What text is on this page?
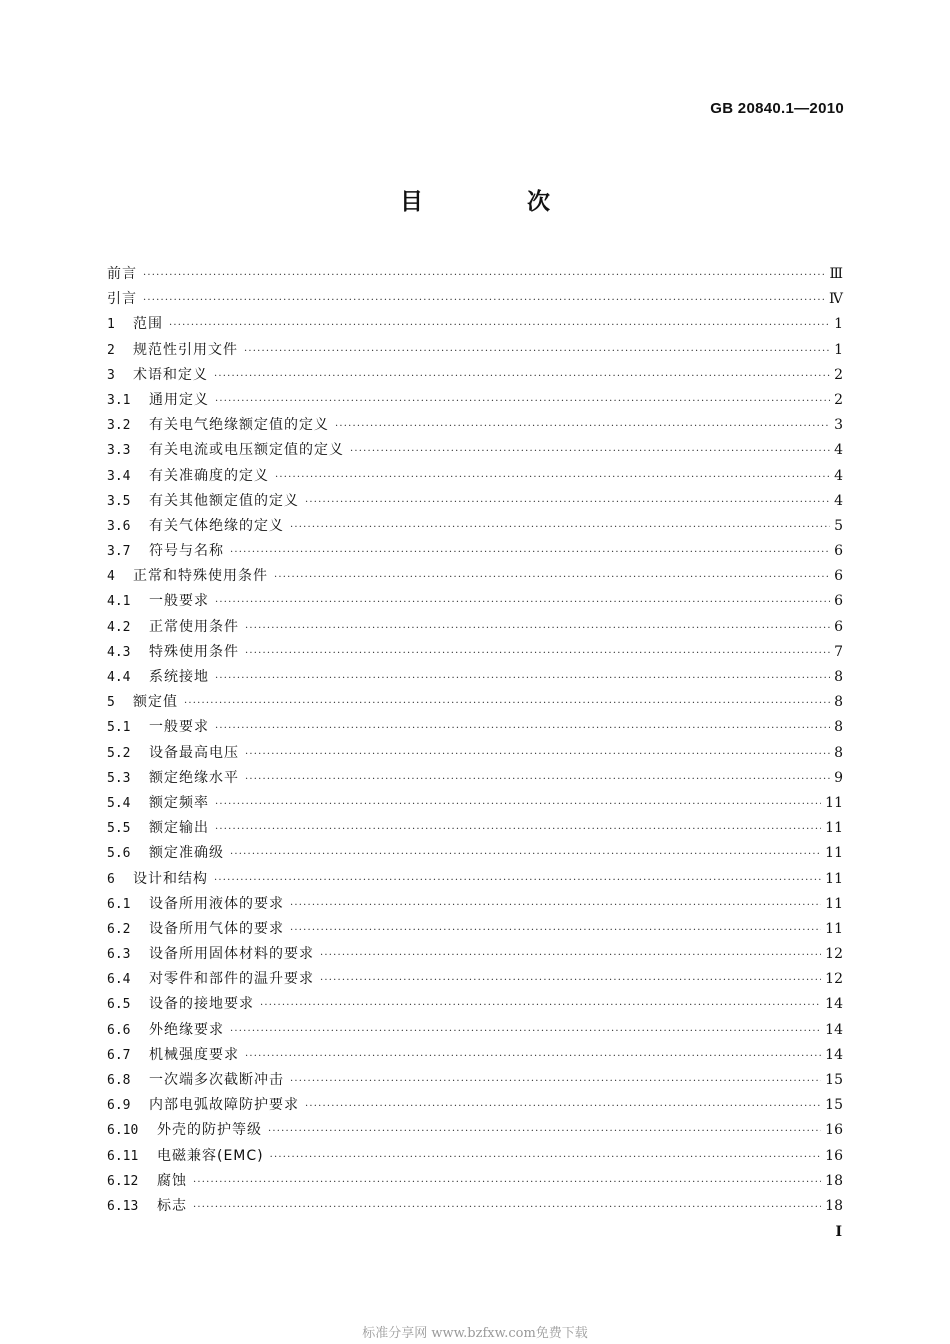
GB 20840.1—2010
目 次
前言 ·····	Ⅲ
引言 ·····	Ⅳ
1	范围 ·····	1
2	规范性引用文件 ·····	1
3	术语和定义 ·····	2
3.1	通用定义 ·····	2
3.2	有关电气绝缘额定值的定义 ·····	3
3.3	有关电流或电压额定值的定义 ·····	4
3.4	有关准确度的定义 ·····	4
3.5	有关其他额定值的定义 ·····	4
3.6	有关气体绝缘的定义 ·····	5
3.7	符号与名称 ·····	6
4	正常和特殊使用条件 ·····	6
4.1	一般要求 ·····	6
4.2	正常使用条件 ·····	6
4.3	特殊使用条件 ·····	7
4.4	系统接地 ·····	8
5	额定值 ·····	8
5.1	一般要求 ·····	8
5.2	设备最高电压 ·····	8
5.3	额定绝缘水平 ·····	9
5.4	额定频率 ·····	11
5.5	额定输出 ·····	11
5.6	额定准确级 ·····	11
6	设计和结构 ·····	11
6.1	设备所用液体的要求 ·····	11
6.2	设备所用气体的要求 ·····	11
6.3	设备所用固体材料的要求 ·····	12
6.4	对零件和部件的温升要求 ·····	12
6.5	设备的接地要求 ·····	14
6.6	外绝缘要求 ·····	14
6.7	机械强度要求 ·····	14
6.8	一次端多次截断冲击 ·····	15
6.9	内部电弧故障防护要求 ·····	15
6.10	外壳的防护等级 ·····	16
6.11	电磁兼容(EMC) ·····	16
6.12	腐蚀 ·····	18
6.13	标志 ·····	18
I
标准分享网 www.bzfxw.com免费下载
